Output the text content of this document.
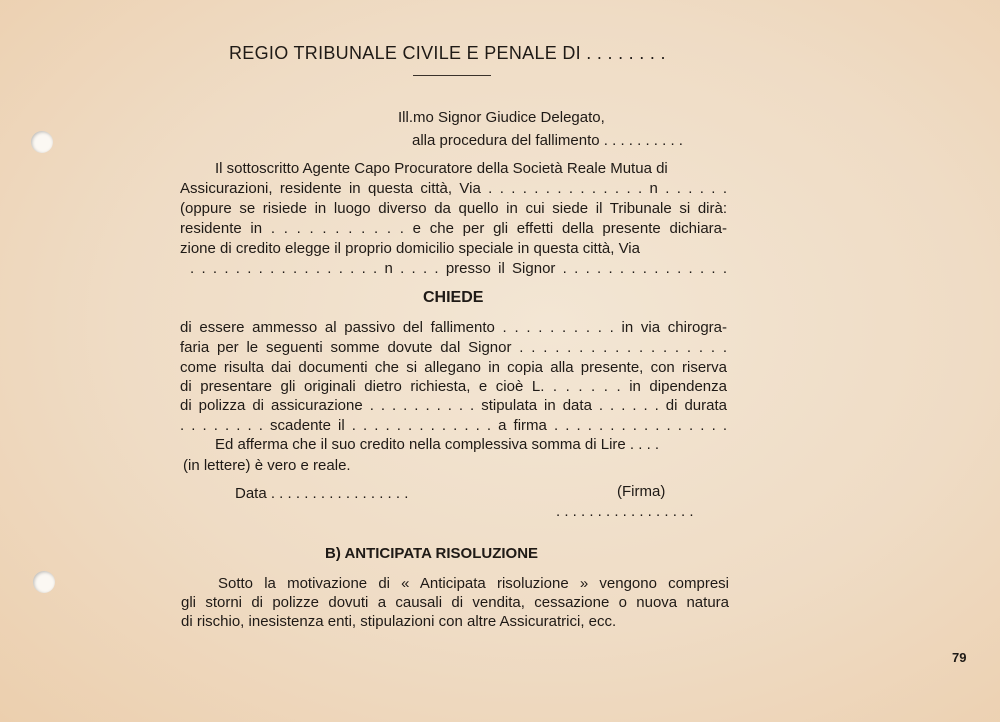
REGIO TRIBUNALE CIVILE E PENALE DI . . . . . . . .
Ill.mo Signor Giudice Delegato,
alla procedura del fallimento . . . . . . . . . .
Il sottoscritto Agente Capo Procuratore della Società Reale Mutua di
Assicurazioni, residente in questa città, Via . . . . . . . . . . . . . . n . . . . . .
(oppure se risiede in luogo diverso da quello in cui siede il Tribunale si dirà:
residente in . . . . . . . . . . . e che per gli effetti della presente dichiara-
zione di credito elegge il proprio domicilio speciale in questa città, Via
. . . . . . . . . . . . . . . . . n . . . . presso il Signor . . . . . . . . . . . . . . .
CHIEDE
di essere ammesso al passivo del fallimento . . . . . . . . . . in via chirogra-
faria per le seguenti somme dovute dal Signor . . . . . . . . . . . . . . . . . .
come risulta dai documenti che si allegano in copia alla presente, con riserva
di presentare gli originali dietro richiesta, e cioè L. . . . . . . in dipendenza
di polizza di assicurazione . . . . . . . . . . stipulata in data . . . . . . di durata
. . . . . . . . scadente il . . . . . . . . . . . . . a firma . . . . . . . . . . . . . . . .
Ed afferma che il suo credito nella complessiva somma di Lire . . . .
(in lettere) è vero e reale.
Data . . . . . . . . . . . . . . . . .	(Firma)
. . . . . . . . . . . . . . . . .
B) ANTICIPATA RISOLUZIONE
Sotto la motivazione di « Anticipata risoluzione » vengono compresi
gli storni di polizze dovuti a causali di vendita, cessazione o nuova natura
di rischio, inesistenza enti, stipulazioni con altre Assicuratrici, ecc.
79
